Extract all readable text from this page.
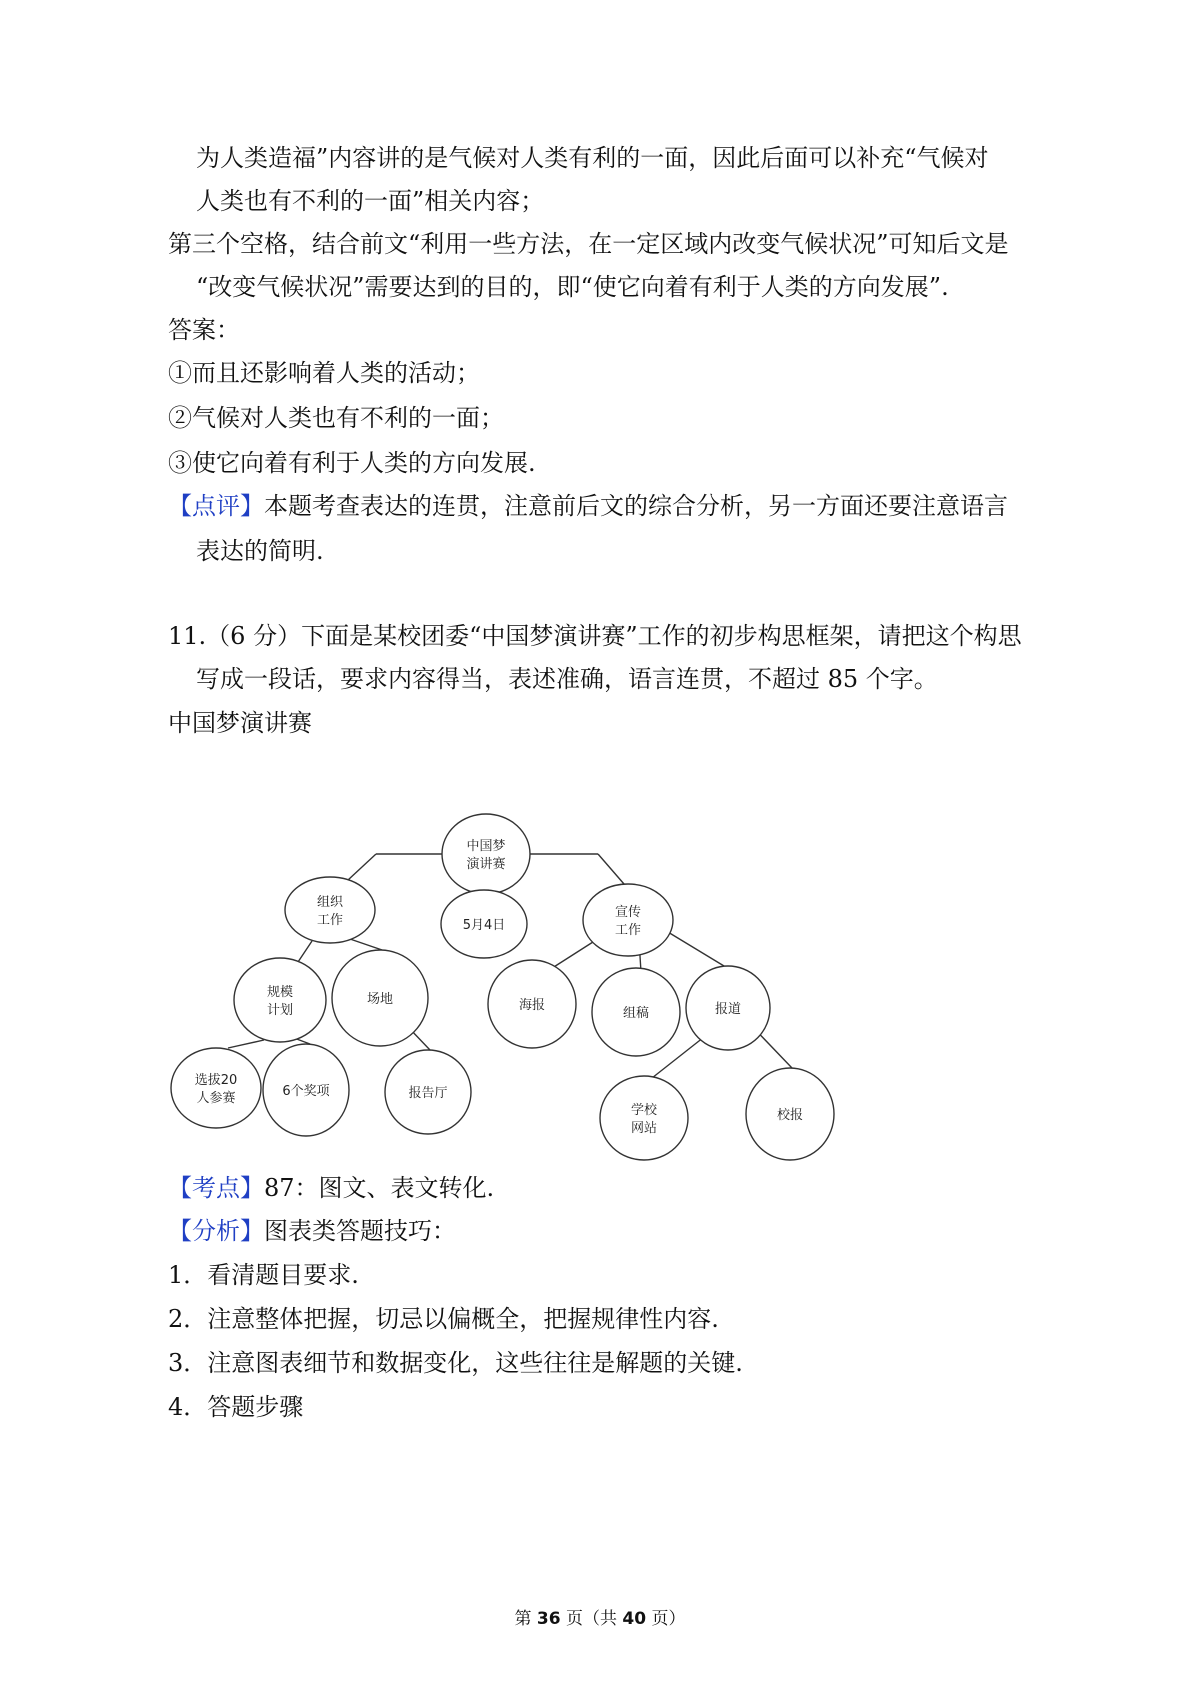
为人类造福”内容讲的是气候对人类有利的一面，因此后面可以补充“气候对
人类也有不利的一面”相关内容；
第三个空格，结合前文“利用一些方法，在一定区域内改变气候状况”可知后文是
“改变气候状况”需要达到的目的，即“使它向着有利于人类的方向发展”.
答案：
①而且还影响着人类的活动；
②气候对人类也有不利的一面；
③使它向着有利于人类的方向发展.
【点评】本题考查表达的连贯，注意前后文的综合分析，另一方面还要注意语言
表达的简明.
11.（6 分）下面是某校团委“中国梦演讲赛”工作的初步构思框架，请把这个构思
写成一段话，要求内容得当，表述准确，语言连贯，不超过 85 个字。
中国梦演讲赛
中国梦
演讲赛
组织
工作	5月4日
宣传
工作
规模
计划
场地	海报
组稿	报道
选拔20
人参赛	6个奖项	报告厅
学校
网站
校报
【考点】87：图文、表文转化.
【分析】图表类答题技巧：
1．看清题目要求.
2．注意整体把握，切忌以偏概全，把握规律性内容.
3．注意图表细节和数据变化，这些往往是解题的关键.
4．答题步骤
第 36 页（共 40 页）
